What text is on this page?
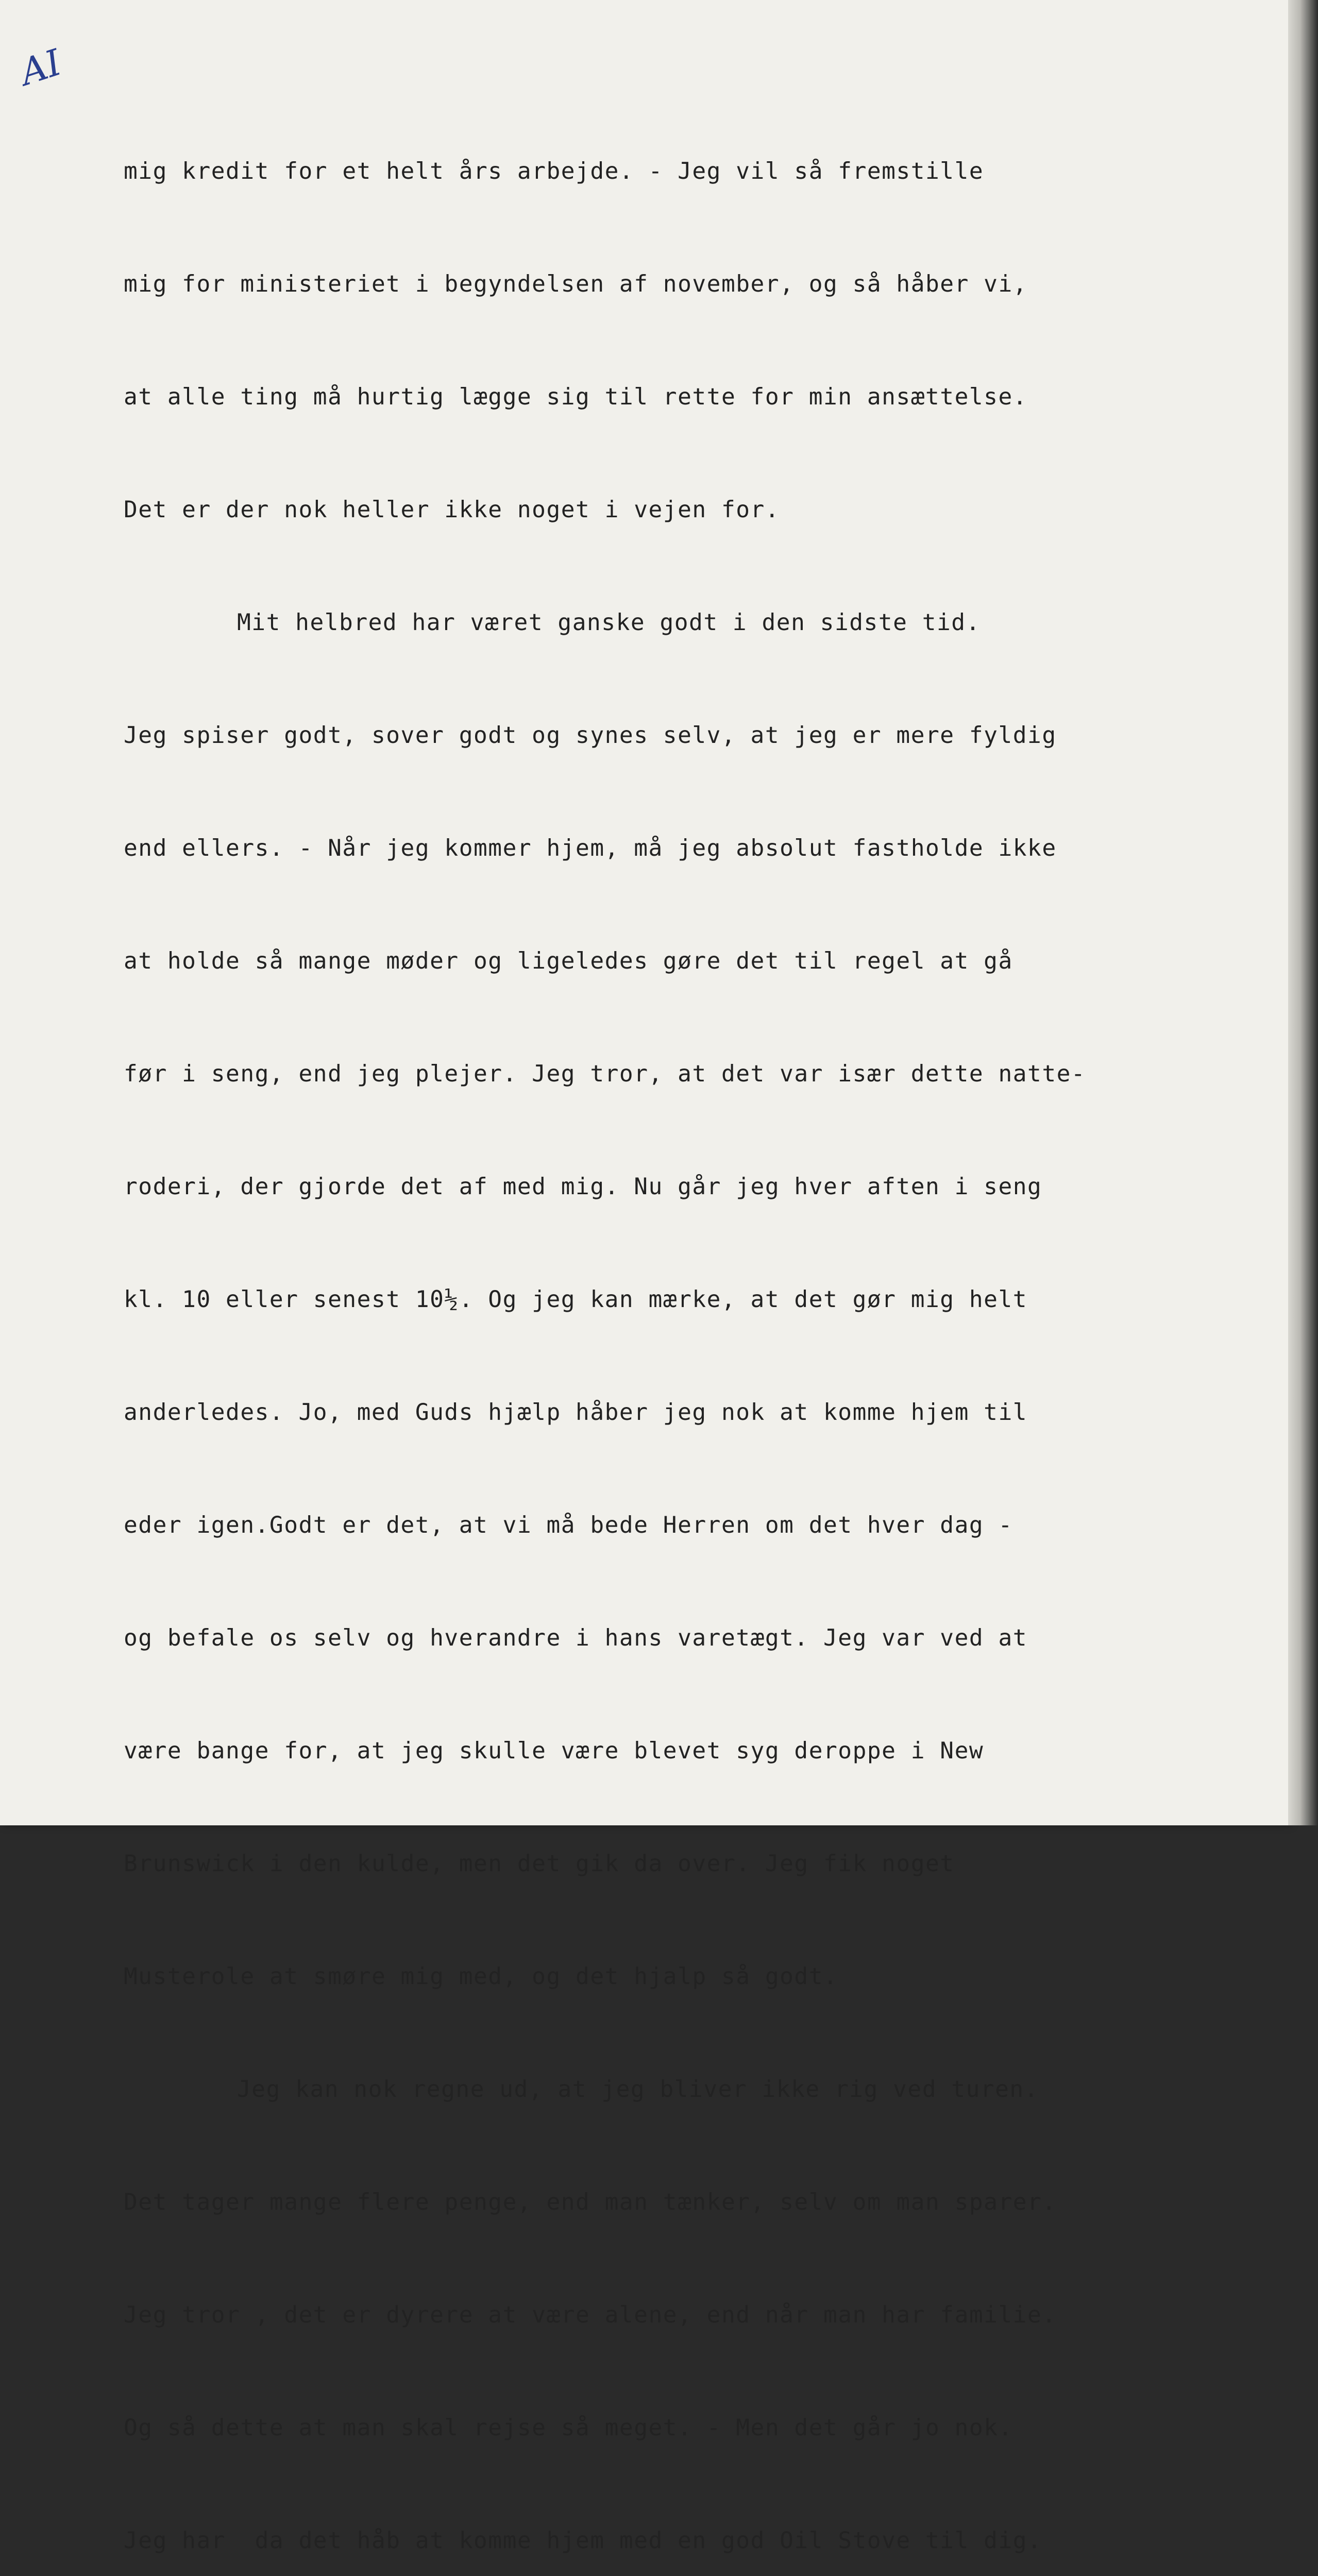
AI

mig kredit for et helt års arbejde. - Jeg vil så fremstille

mig for ministeriet i begyndelsen af november, og så håber vi,

at alle ting må hurtig lægge sig til rette for min ansættelse.

Det er der nok heller ikke noget i vejen for.

Mit helbred har været ganske godt i den sidste tid.

Jeg spiser godt, sover godt og synes selv, at jeg er mere fyldig

end ellers. - Når jeg kommer hjem, må jeg absolut fastholde ikke

at holde så mange møder og ligeledes gøre det til regel at gå

før i seng, end jeg plejer. Jeg tror, at det var især dette natte-

roderi, der gjorde det af med mig. Nu går jeg hver aften i seng

kl. 10 eller senest 10½. Og jeg kan mærke, at det gør mig helt

anderledes. Jo, med Guds hjælp håber jeg nok at komme hjem til

eder igen.Godt er det, at vi må bede Herren om det hver dag -

og befale os selv og hverandre i hans varetægt. Jeg var ved at

være bange for, at jeg skulle være blevet syg deroppe i New

Brunswick i den kulde, men det gik da over. Jeg fik noget

Musterole at smøre mig med, og det hjalp så godt.

Jeg kan nok regne ud, at jeg bliver ikke rig ved turen.

Det tager mange flere penge, end man tænker, selv om man sparer.

Jeg tror , det er dyrere at være alene, end når man har familie.

Og så dette at man skal rejse så meget. - Men det går jo nok.

Jeg har  da det håb at komme hjem med en god Oil Stove til dig.
